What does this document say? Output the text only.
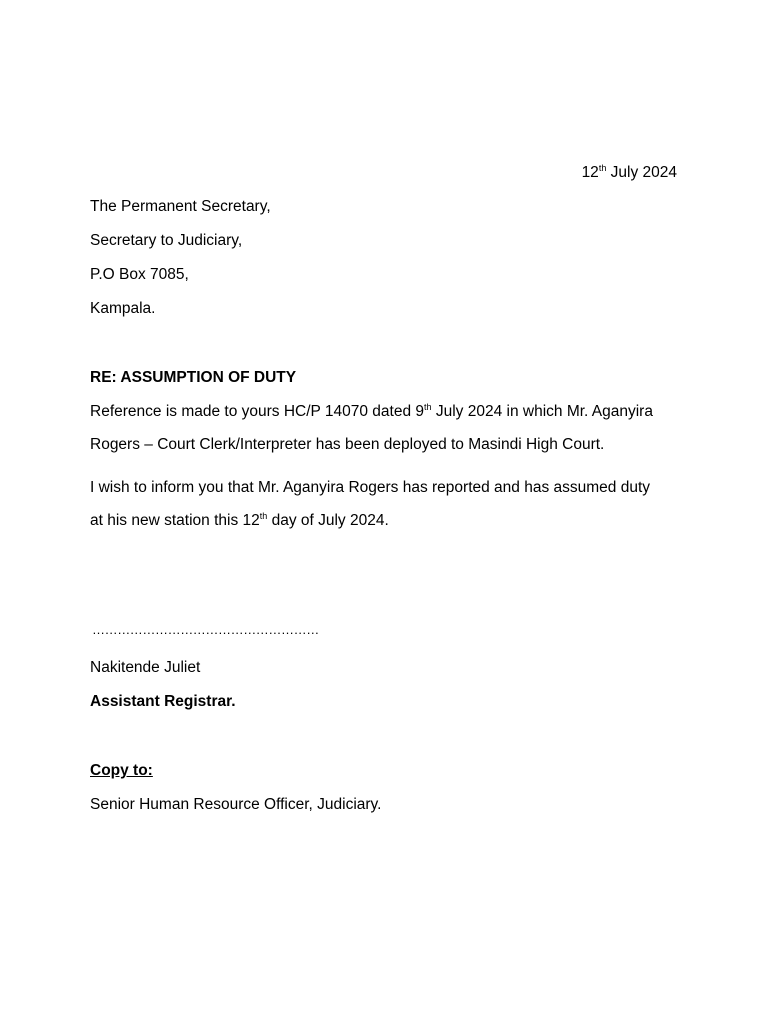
12th July 2024
The Permanent Secretary,
Secretary to Judiciary,
P.O Box 7085,
Kampala.
RE: ASSUMPTION OF DUTY
Reference is made to yours HC/P 14070 dated 9th July 2024 in which Mr. Aganyira
Rogers – Court Clerk/Interpreter has been deployed to Masindi High Court.
I wish to inform you that Mr. Aganyira Rogers has reported and has assumed duty
at his new station this 12th day of July 2024.
………………………………………………
Nakitende Juliet
Assistant Registrar.
Copy to:
Senior Human Resource Officer, Judiciary.
